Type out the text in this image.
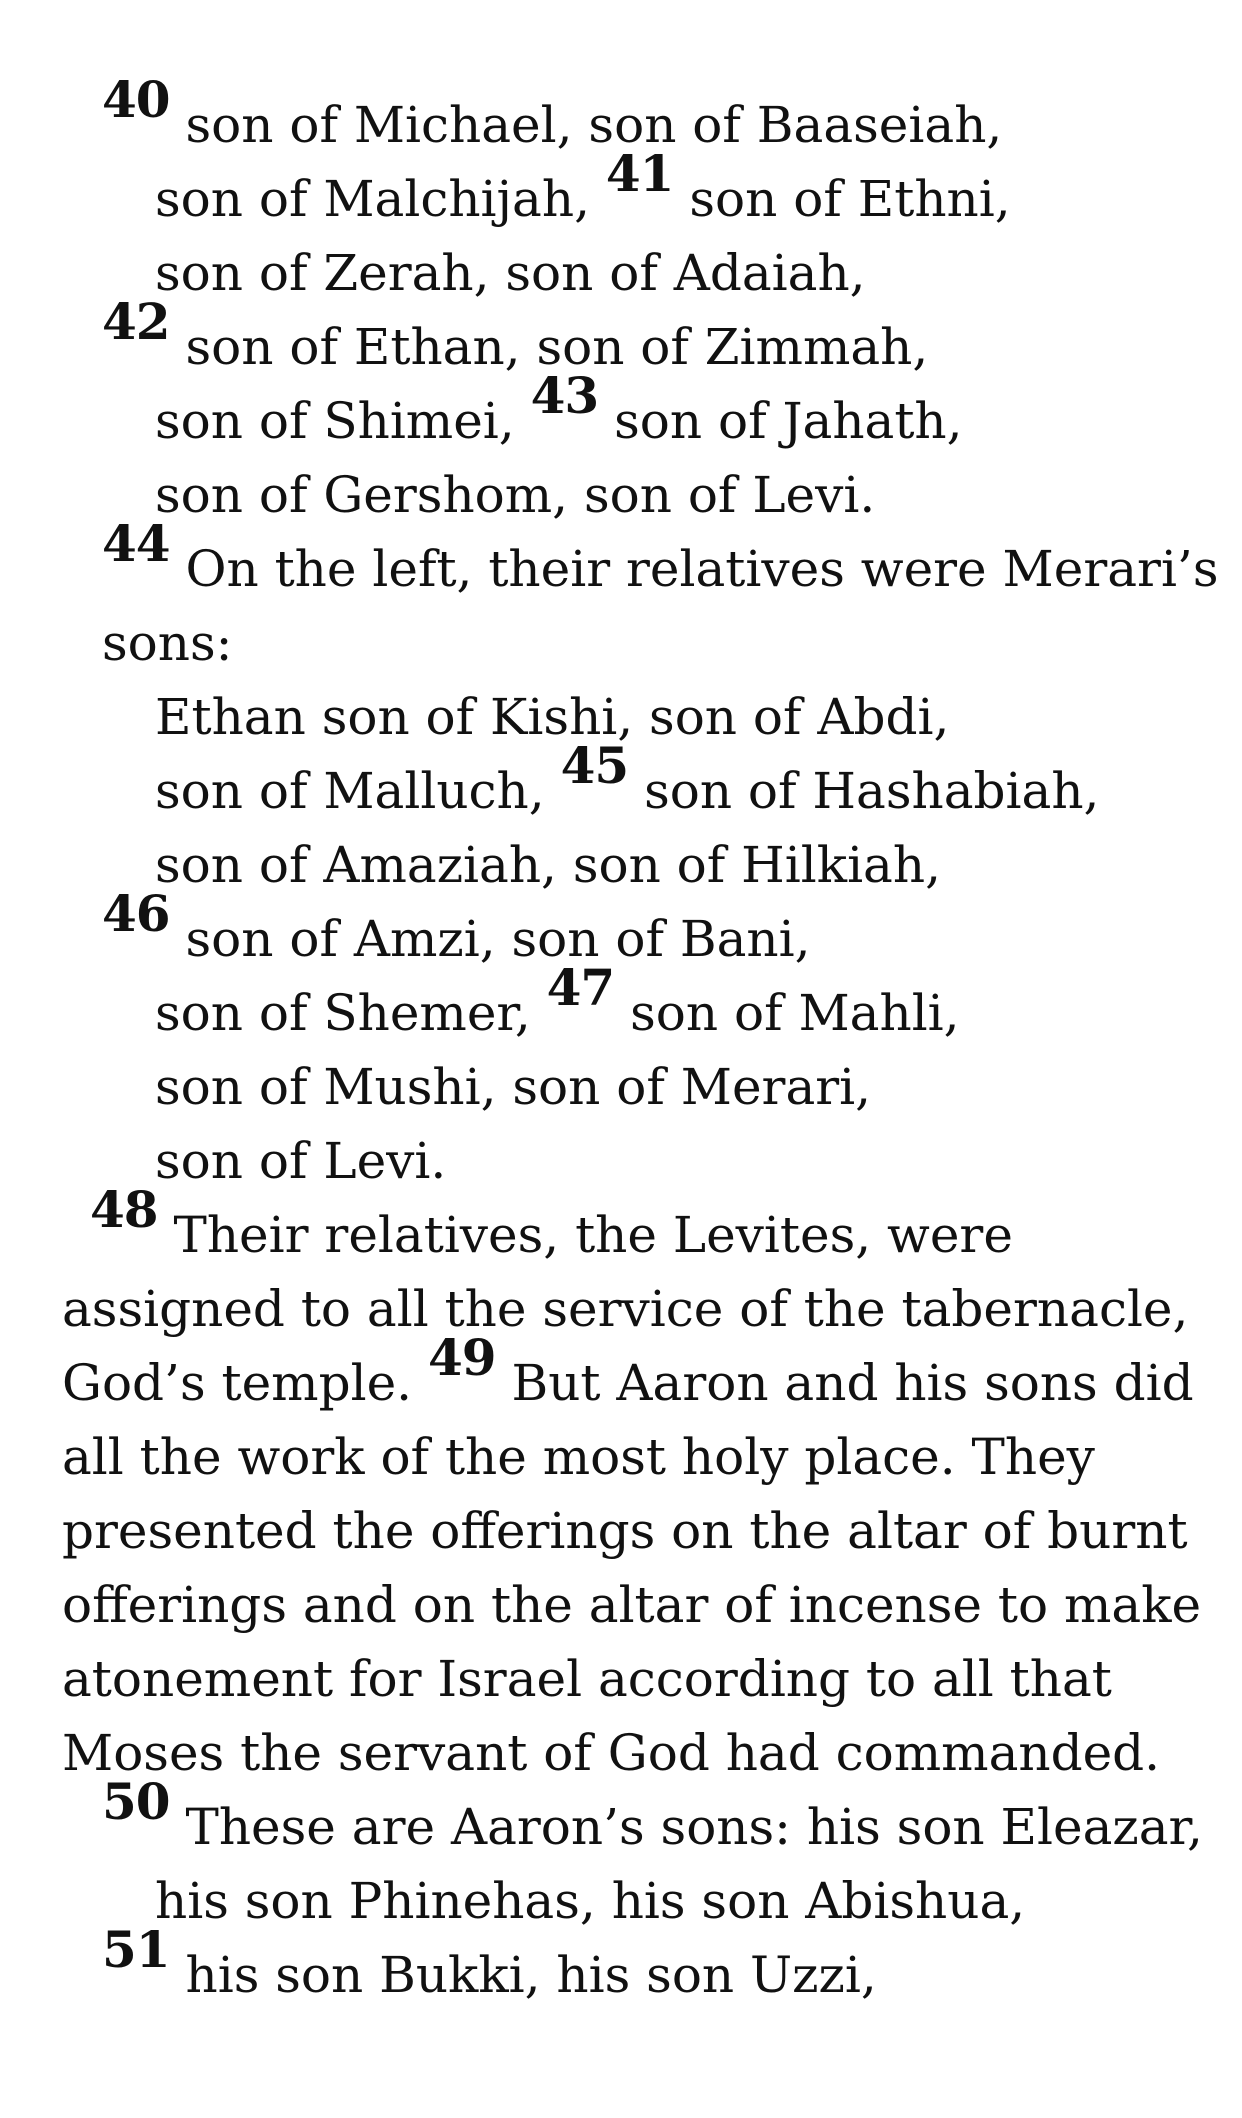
40 son of Michael, son of Baaseiah,
son of Malchijah, 41 son of Ethni,
son of Zerah, son of Adaiah,
42 son of Ethan, son of Zimmah,
son of Shimei, 43 son of Jahath,
son of Gershom, son of Levi.
44 On the left, their relatives were Merari’s
sons:
Ethan son of Kishi, son of Abdi,
son of Malluch, 45 son of Hashabiah,
son of Amaziah, son of Hilkiah,
46 son of Amzi, son of Bani,
son of Shemer, 47 son of Mahli,
son of Mushi, son of Merari,
son of Levi.
48 Their relatives, the Levites, were
assigned to all the service of the tabernacle,
God’s temple. 49 But Aaron and his sons did
all the work of the most holy place. They
presented the offerings on the altar of burnt
offerings and on the altar of incense to make
atonement for Israel according to all that
Moses the servant of God had commanded.
50 These are Aaron’s sons: his son Eleazar,
his son Phinehas, his son Abishua,
51 his son Bukki, his son Uzzi,
